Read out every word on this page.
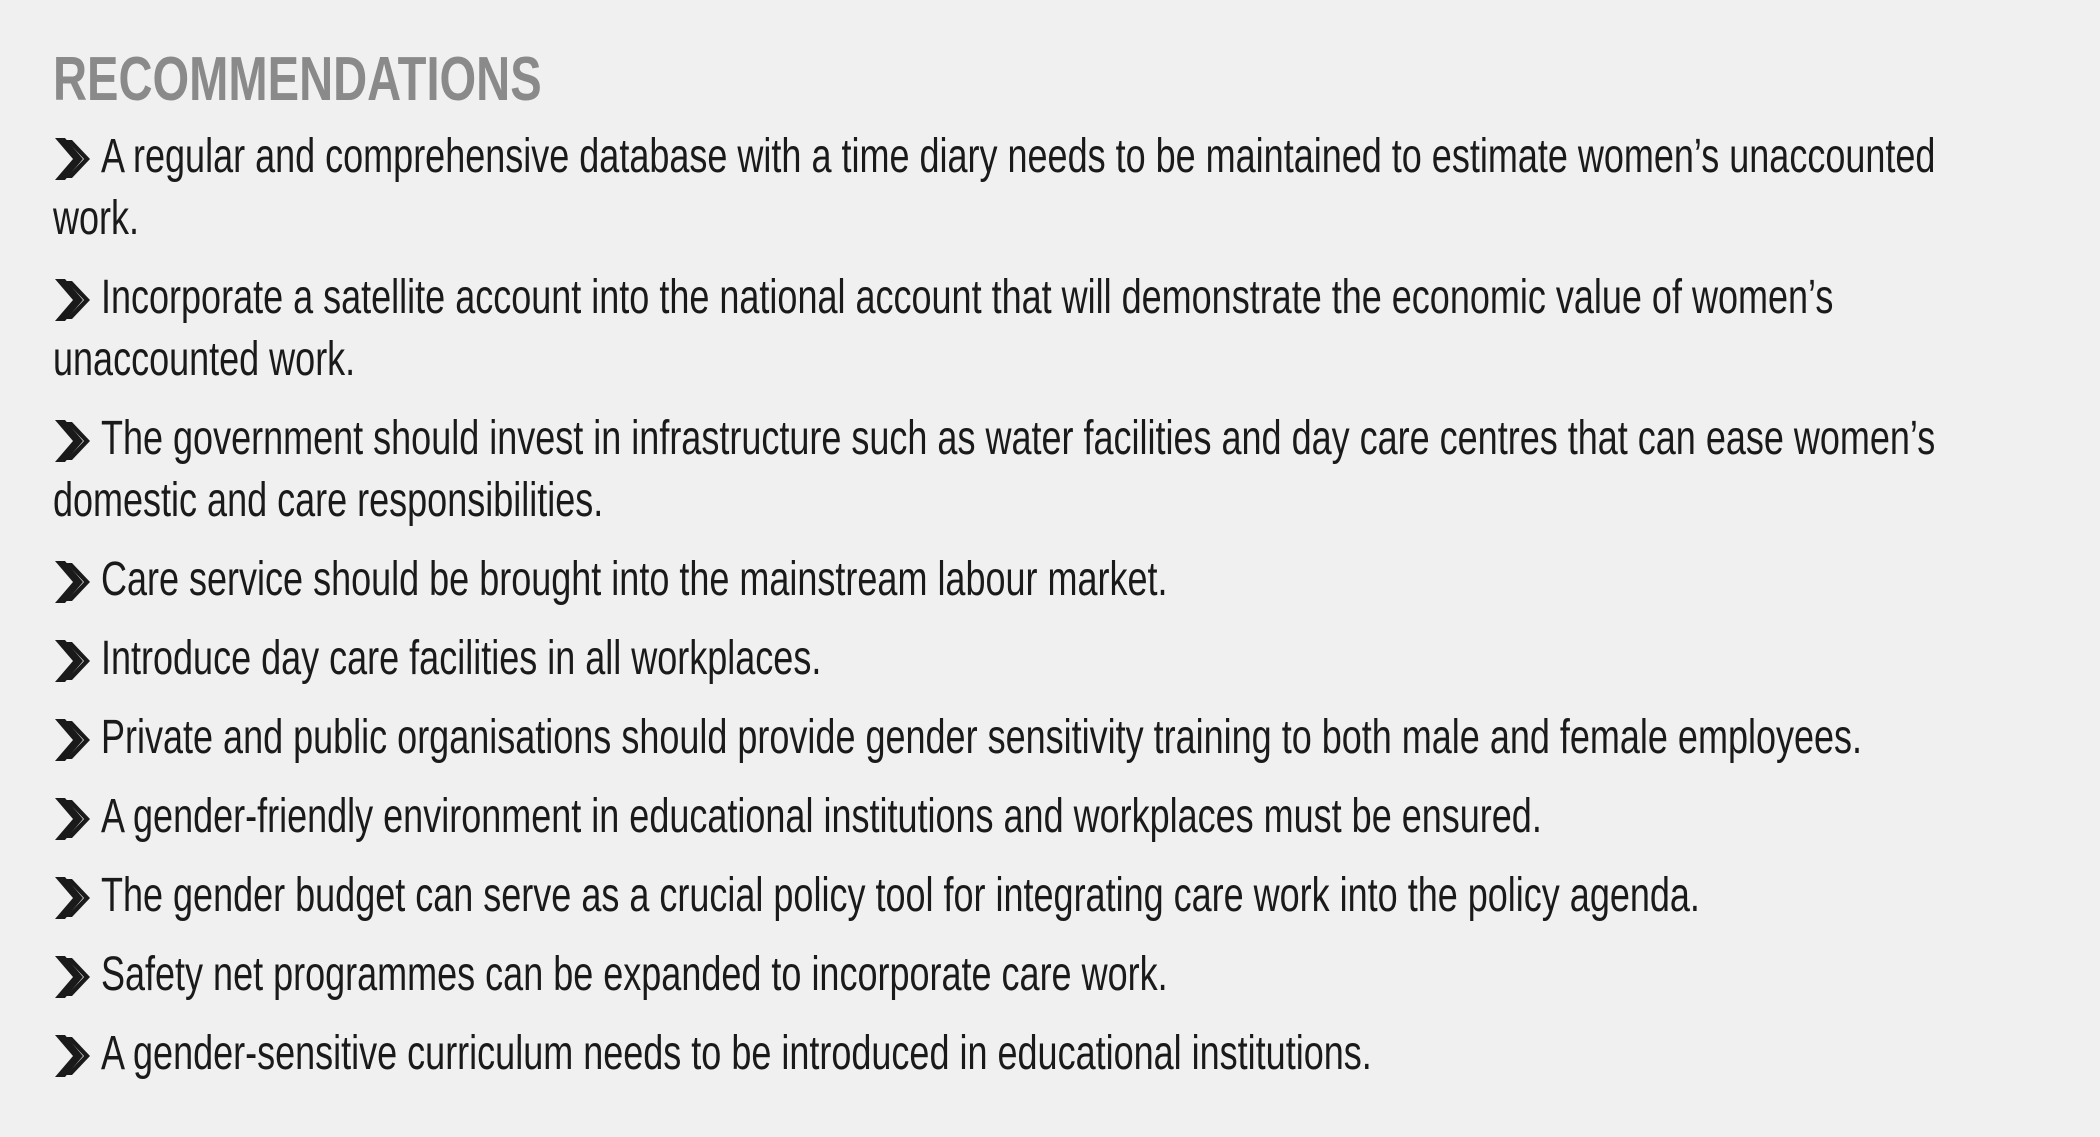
RECOMMENDATIONS
A regular and comprehensive database with a time diary needs to be maintained to estimate women’s unaccounted work.
Incorporate a satellite account into the national account that will demonstrate the economic value of women’s unaccounted work.
The government should invest in infrastructure such as water facilities and day care centres that can ease women’s domestic and care responsibilities.
Care service should be brought into the mainstream labour market.
Introduce day care facilities in all workplaces.
Private and public organisations should provide gender sensitivity training to both male and female employees.
A gender-friendly environment in educational institutions and workplaces must be ensured.
The gender budget can serve as a crucial policy tool for integrating care work into the policy agenda.
Safety net programmes can be expanded to incorporate care work.
A gender-sensitive curriculum needs to be introduced in educational institutions.
